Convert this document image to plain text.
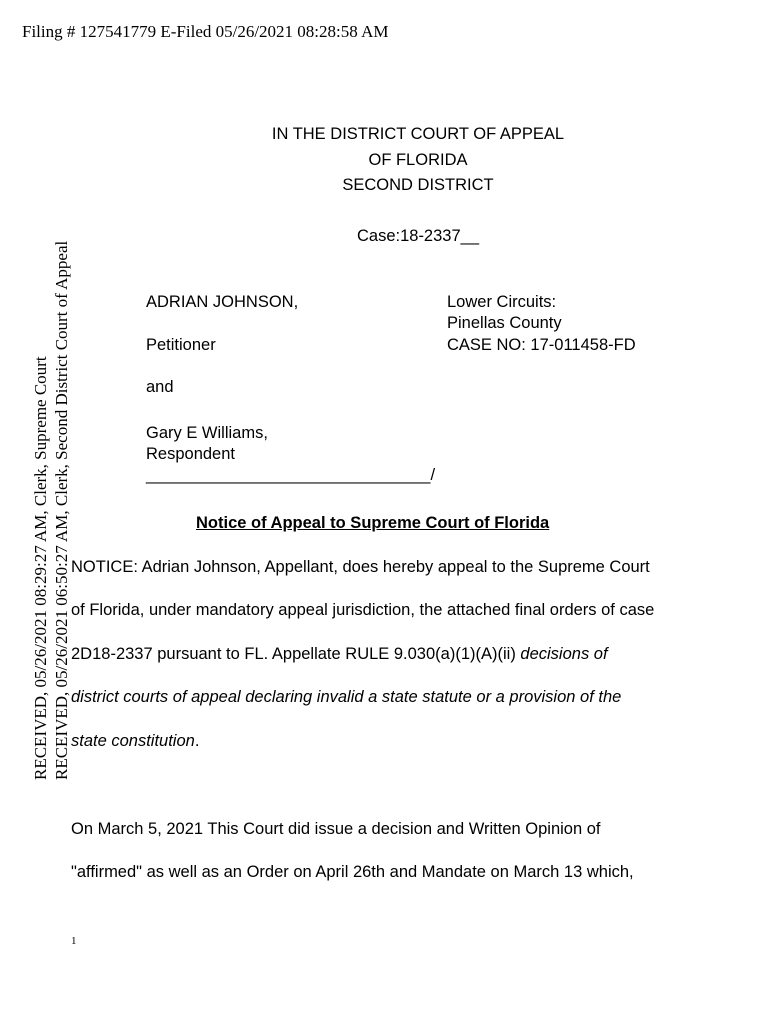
Filing # 127541779 E-Filed 05/26/2021 08:28:58 AM
RECEIVED, 05/26/2021 08:29:27 AM, Clerk, Supreme Court RECEIVED, 05/26/2021 06:50:27 AM, Clerk, Second District Court of Appeal
IN THE DISTRICT COURT OF APPEAL
OF FLORIDA
SECOND DISTRICT
Case:18-2337__
ADRIAN JOHNSON,
Petitioner
and
Gary E Williams,
Respondent
_______________________________/
Lower Circuits:
Pinellas County
CASE NO: 17-011458-FD
Notice of Appeal to Supreme Court of Florida
NOTICE: Adrian Johnson, Appellant, does hereby appeal to the Supreme Court
of Florida, under mandatory appeal jurisdiction, the attached final orders of case
2D18-2337 pursuant to FL. Appellate RULE 9.030(a)(1)(A)(ii) decisions of
district courts of appeal declaring invalid a state statute or a provision of the
state constitution.
On March 5, 2021 This Court did issue a decision and Written Opinion of
"affirmed" as well as an Order on April 26th and Mandate on March 13 which,
1
